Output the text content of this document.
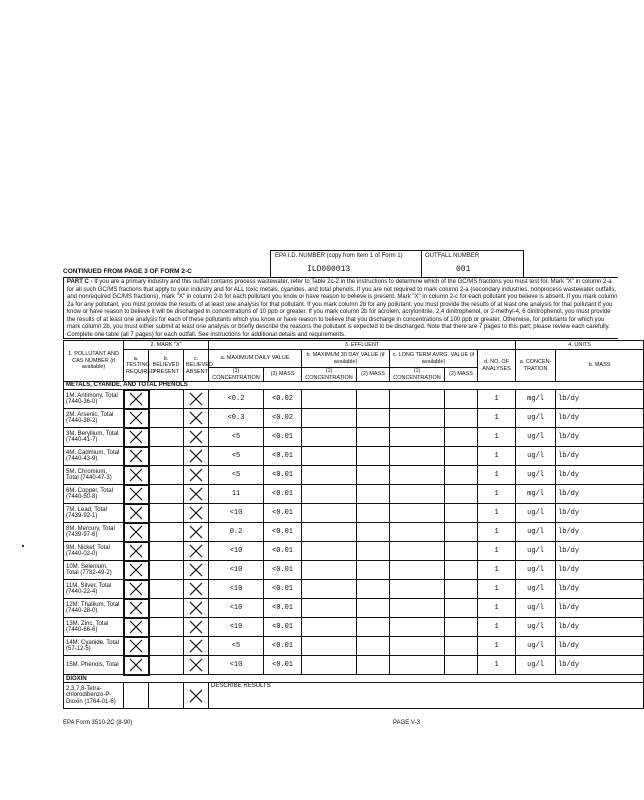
EPA I.D. NUMBER (copy from Item 1 of Form 1)
ILD000013
OUTFALL NUMBER
001
CONTINUED FROM PAGE 3 OF FORM 2-C
PART C - If you are a primary industry and this outfall contains process wastewater, refer to Table 2c-2 in the instructions to determine which of the GC/MS fractions you must test for. Mark "X" in column 2-a for all such GC/MS fractions that apply to your industry and for ALL toxic metals, cyanides, and total phenols. If you are not required to mark column 2-a (secondary industries, nonprocess wastewater outfalls, and nonrequired GC/MS fractions), mark "X" in column 2-b for each pollutant you know or have reason to believe is present. Mark "X" in column 2-c for each pollutant you believe is absent. If you mark column 2a for any pollutant, you must provide the results of at least one analysis for that pollutant. If you mark column 2b for any pollutant, you must provide the results of at least one analysis for that pollutant if you know or have reason to believe it will be discharged in concentrations of 10 ppb or greater. If you mark column 2b for acrolein, acrylonitrile, 2,4 dinitrophenol, or 2-methyl-4, 6 dinitrophenol, you must provide the results of at least one analysis for each of these pollutants which you know or have reason to believe that you discharge in concentrations of 100 ppb or greater. Otherwise, for pollutants for which you mark column 2b, you must either submit at least one analysis or briefly describe the reasons the pollutant is expected to be discharged. Note that there are 7 pages to this part; please review each carefully. Complete one table (all 7 pages) for each outfall. See instructions for additional details and requirements.
1. POLLUTANT AND CAS NUMBER (if available)	2. MARK "X"			3. EFFLUENT							4. UNITS	
	a. TESTING REQUIRED	b. BELIEVED PRESENT	c. BELIEVED ABSENT	a. MAXIMUM DAILY VALUE		b. MAXIMUM 30 DAY VALUE (if available)		c. LONG TERM AVRG. VALUE (if available)		d. NO. OF ANALYSES	a. CONCEN-TRATION	b. MASS
				(1) CONCENTRATION	(2) MASS	(1) CONCENTRATION	(2) MASS	(1) CONCENTRATION	(2) MASS			
METALS, CYANIDE, AND TOTAL PHENOLS												
1M. Antimony, Total (7440-36-0)				<0.2	<0.02					1	mg/l	lb/dy
2M. Arsenic, Total (7440-38-2)				<0.3	<0.02					1	ug/l	lb/dy
3M. Beryllium, Total (7440-41-7)				<5	<0.01					1	ug/l	lb/dy
4M. Cadmium, Total (7440-43-9)				<5	<0.01					1	ug/l	lb/dy
5M. Chromium, Total (7440-47-3)				<5	<0.01					1	ug/l	lb/dy
6M. Copper, Total (7440-50-8)				11	<0.01					1	mg/l	lb/dy
7M. Lead, Total (7439-92-1)				<10	<0.01					1	ug/l	lb/dy
8M. Mercury, Total (7439-97-6)				0.2	<0.01					1	ug/l	lb/dy
9M. Nickel, Total (7440-02-0)				<10	<0.01					1	ug/l	lb/dy
10M. Selenium, Total (7782-49-2)				<10	<0.01					1	ug/l	lb/dy
11M. Silver, Total (7440-22-4)				<10	<0.01					1	ug/l	lb/dy
12M. Thallium, Total (7440-28-0)				<10	<0.01					1	ug/l	lb/dy
13M. Zinc, Total (7440-66-6)				<10	<0.01					1	ug/l	lb/dy
14M. Cyanide, Total (57-12-5)				<5	<0.01					1	ug/l	lb/dy
15M. Phenols, Total				<10	<0.01					1	ug/l	lb/dy
DIOXIN												
2,3,7,8-Tetra-chlorodibenzo-P-Dioxin (1764-01-6)				DESCRIBE RESULTS								
EPA Form 3510-2C (8-90)	PAGE V-3
